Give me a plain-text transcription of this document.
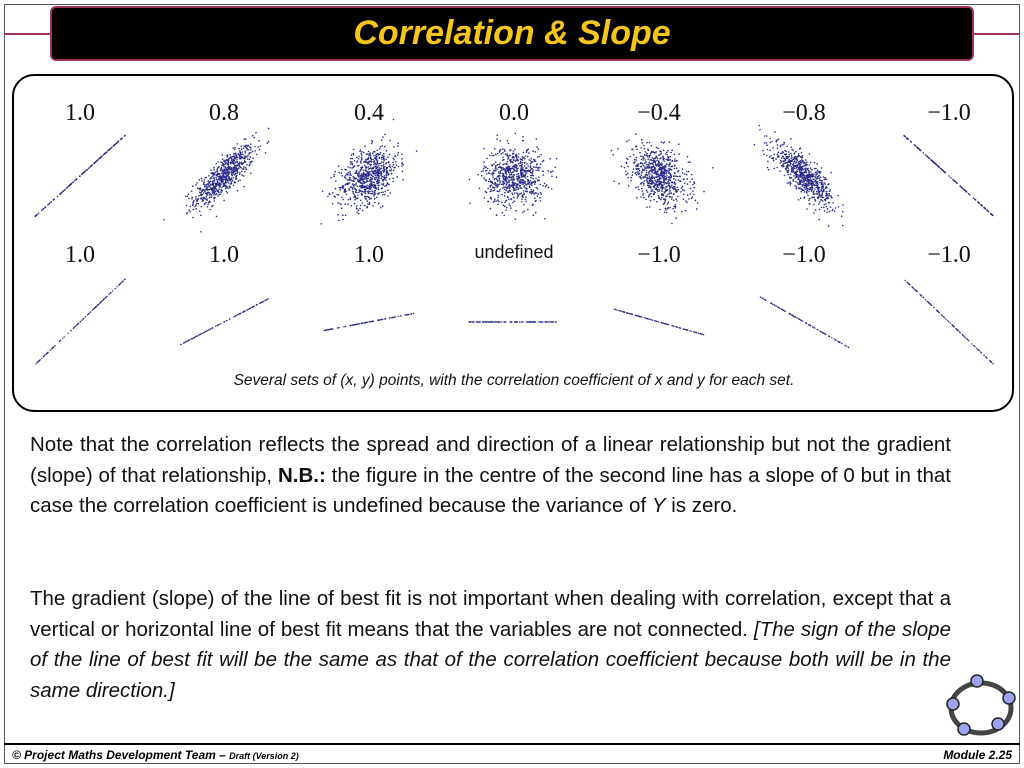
Correlation & Slope
1.0	0.8	0.4	0.0	−0.4	−0.8	−1.0
1.0	1.0	1.0	undefined	−1.0	−1.0	−1.0
Several sets of (x, y) points, with the correlation coefficient of x and y for each set.
Note that the correlation reflects the spread and direction of a linear relationship but not the gradient (slope) of that relationship, N.B.: the figure in the centre of the second line has a slope of 0 but in that case the correlation coefficient is undefined because the variance of Y is zero.
The gradient (slope) of the line of best fit is not important when dealing with correlation, except that a vertical or horizontal line of best fit means that the variables are not connected. [The sign of the slope of the line of best fit will be the same as that of the correlation coefficient because both will be in the same direction.]
© Project Maths Development Team – Draft (Version 2)	Module 2.25
